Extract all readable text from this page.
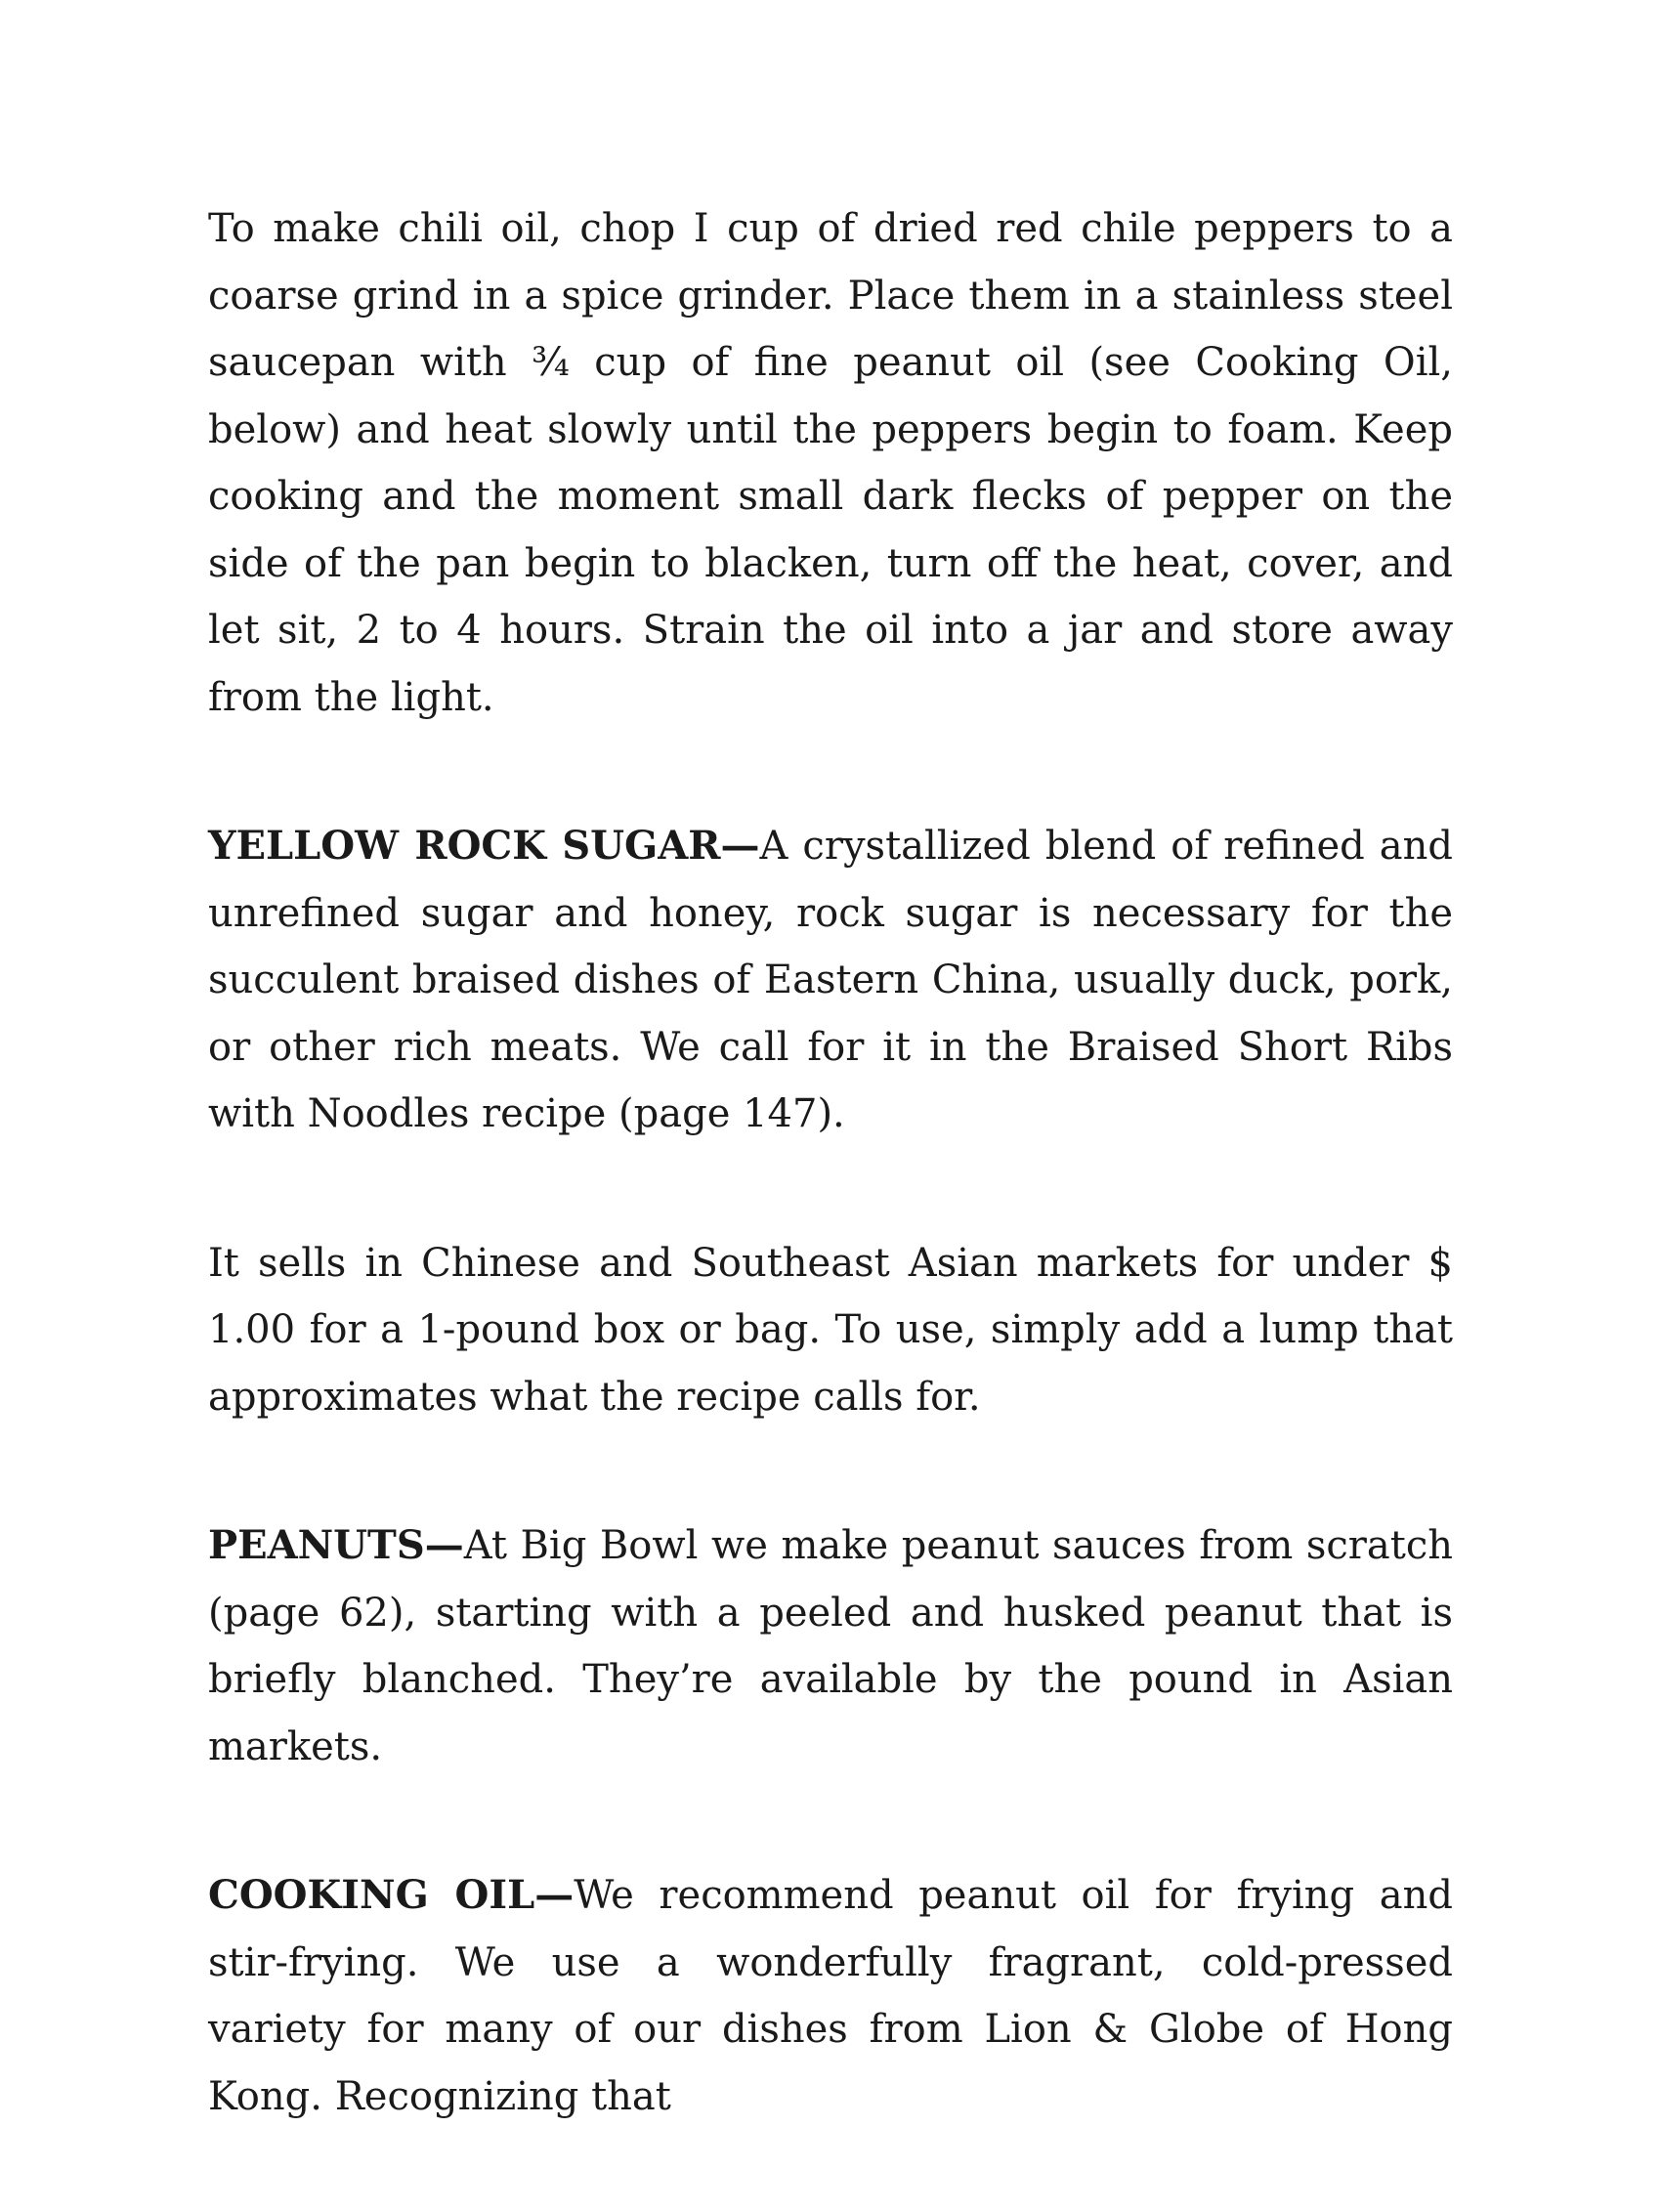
To make chili oil, chop I cup of dried red chile peppers to a coarse grind in a spice grinder. Place them in a stainless steel saucepan with ¾ cup of fine peanut oil (see Cooking Oil, below) and heat slowly until the peppers begin to foam. Keep cooking and the moment small dark flecks of pepper on the side of the pan begin to blacken, turn off the heat, cover, and let sit, 2 to 4 hours. Strain the oil into a jar and store away from the light.

YELLOW ROCK SUGAR—A crystallized blend of refined and unrefined sugar and honey, rock sugar is necessary for the succulent braised dishes of Eastern China, usually duck, pork, or other rich meats. We call for it in the Braised Short Ribs with Noodles recipe (page 147).

It sells in Chinese and Southeast Asian markets for under $ 1.00 for a 1-pound box or bag. To use, simply add a lump that approximates what the recipe calls for.

PEANUTS—At Big Bowl we make peanut sauces from scratch (page 62), starting with a peeled and husked peanut that is briefly blanched. They’re available by the pound in Asian markets.

COOKING OIL—We recommend peanut oil for frying and stir-frying. We use a wonderfully fragrant, cold-pressed variety for many of our dishes from Lion & Globe of Hong Kong. Recognizing that
